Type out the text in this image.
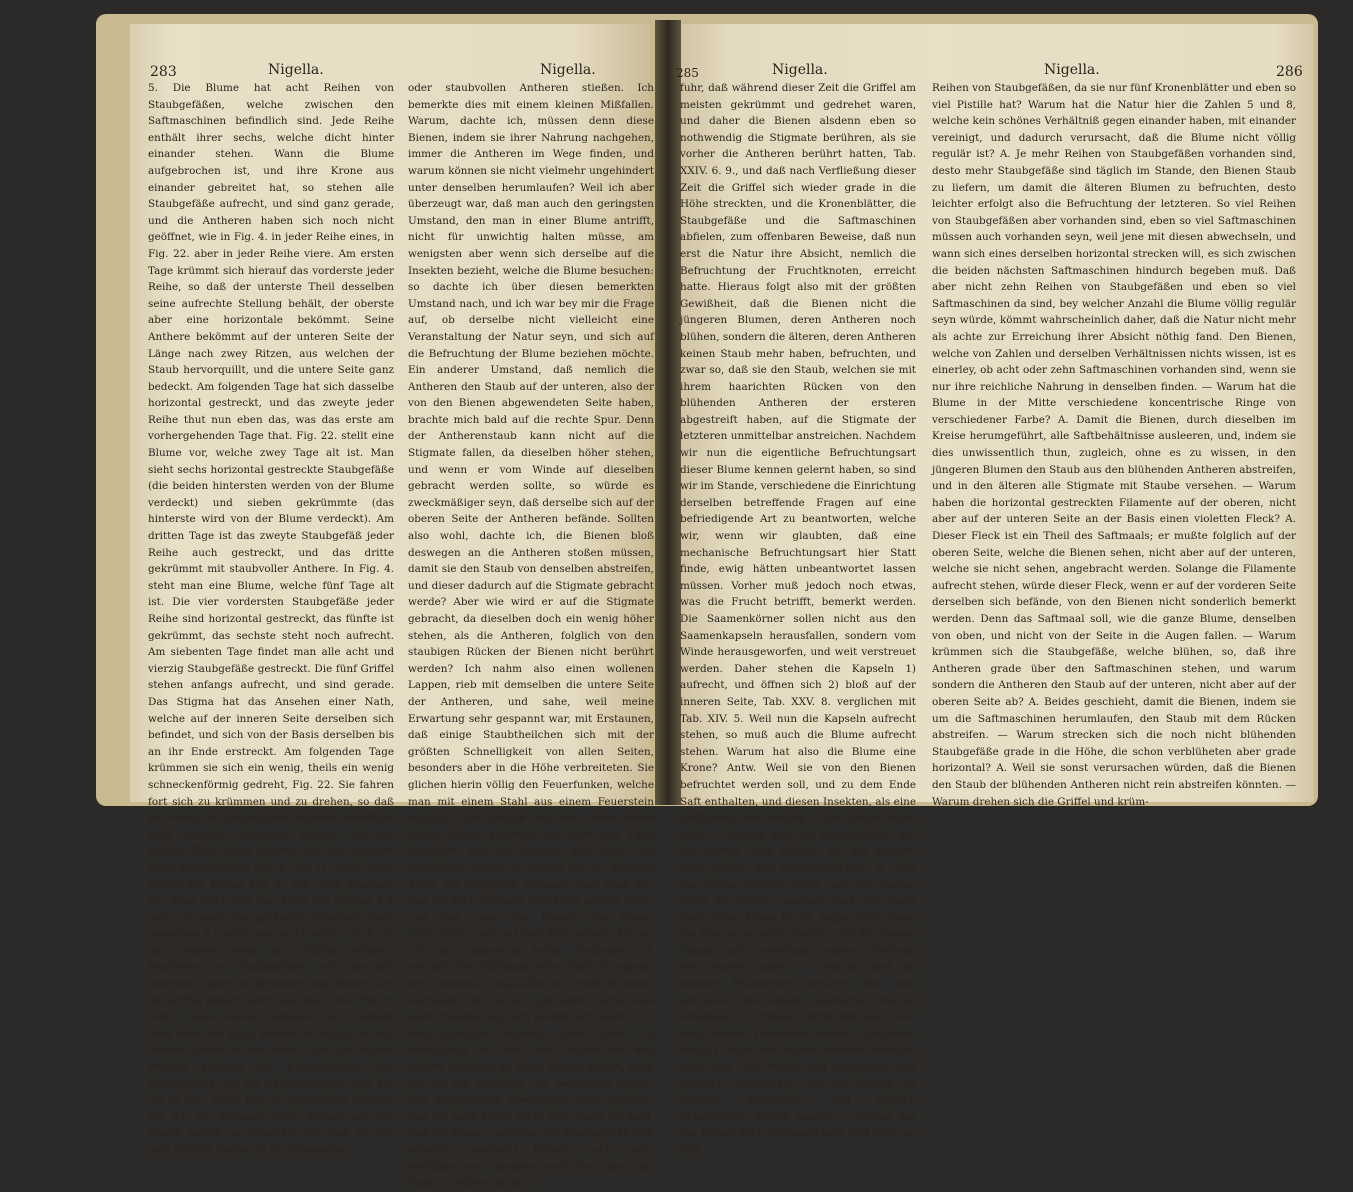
283	Nigella.	Nigella.

5. Die Blume hat acht Reihen von Staubgefäßen, welche zwischen den Saftmaschinen befindlich sind. Jede Reihe enthält ihrer sechs, welche dicht hinter einander stehen. Wann die Blume aufgebrochen ist, und ihre Krone aus einander gebreitet hat, so stehen alle Staubgefäße aufrecht, und sind ganz gerade, und die Antheren haben sich noch nicht geöffnet, wie in Fig. 4. in jeder Reihe eines, in Fig. 22. aber in jeder Reihe viere. Am ersten Tage krümmt sich hierauf das vorderste jeder Reihe, so daß der unterste Theil desselben seine aufrechte Stellung behält, der oberste aber eine horizontale bekömmt. Seine Anthere bekömmt auf der unteren Seite der Länge nach zwey Ritzen, aus welchen der Staub hervorquillt, und die untere Seite ganz bedeckt. Am folgenden Tage hat sich dasselbe horizontal gestreckt, und das zweyte jeder Reihe thut nun eben das, was das erste am vorhergehenden Tage that. Fig. 22. stellt eine Blume vor, welche zwey Tage alt ist. Man sieht sechs horizontal gestreckte Staubgefäße (die beiden hintersten werden von der Blume verdeckt) und sieben gekrümmte (das hinterste wird von der Blume verdeckt). Am dritten Tage ist das zweyte Staubgefäß jeder Reihe auch gestreckt, und das dritte gekrümmt mit staubvoller Anthere. In Fig. 4. steht man eine Blume, welche fünf Tage alt ist. Die vier vordersten Staubgefäße jeder Reihe sind horizontal gestreckt, das fünfte ist gekrümmt, das sechste steht noch aufrecht. Am siebenten Tage findet man alle acht und vierzig Staubgefäße gestreckt. Die fünf Griffel stehen anfangs aufrecht, und sind gerade. Das Stigma hat das Ansehen einer Nath, welche auf der inneren Seite derselben sich befindet, und sich von der Basis derselben bis an ihr Ende erstreckt. Am folgenden Tage krümmen sie sich ein wenig, theils ein wenig schneckenförmig gedreht, Fig. 22. Sie fahren fort sich zu krümmen und zu drehen, so daß sie, wann die Staubgefäße beynahe verblühet sind, ungefähr horizontal stehen, und der größte Theil ihres Stigma auf der unteren Seite befindlich ist, Fig. 4. Fig. 11. stellt einen Griffel der Blume Fig. 4. von oben gesehen, vor. Man sieht hier den Theil des Stigma a b und c d, aber den größeren mittelsten Theil desselben b c sieht man nicht, weil er sich auf der unteren Seite des Griffels befindet. Nachdem die Staubgefäße sich sämtlich gestreckt haben, so krümmen und drehen sich die Griffel immer mehr, wie Tab. XXIV. Fig. 9. zeigt. Diese Gestalt behalten sie ungefähr drey oder vier Tage. Hierauf strecken sie sich wieder grade in die Höhe, und die Blume verliert alsdann die Kronenblätter, die Staubgefäße und die Saftmaschinen, und hat die in Tab. XXIV. Fig. 5. abgebildete Gestalt. Als ich im Sommer 1789 Bienen auf der Blume antraf, so bemerkte ich, daß sie mit dem Rücken immer an die blühenden

oder staubvollen Antheren stießen. Ich bemerkte dies mit einem kleinen Mißfallen. Warum, dachte ich, müssen denn diese Bienen, indem sie ihrer Nahrung nachgehen, immer die Antheren im Wege finden, und warum können sie nicht vielmehr ungehindert unter denselben herumlaufen? Weil ich aber überzeugt war, daß man auch den geringsten Umstand, den man in einer Blume antrifft, nicht für unwichtig halten müsse, am wenigsten aber wenn sich derselbe auf die Insekten bezieht, welche die Blume besuchen: so dachte ich über diesen bemerkten Umstand nach, und ich war bey mir die Frage auf, ob derselbe nicht vielleicht eine Veranstaltung der Natur seyn, und sich auf die Befruchtung der Blume beziehen möchte. Ein anderer Umstand, daß nemlich die Antheren den Staub auf der unteren, also der von den Bienen abgewendeten Seite haben, brachte mich bald auf die rechte Spur. Denn der Antherenstaub kann nicht auf die Stigmate fallen, da dieselben höher stehen, und wenn er vom Winde auf dieselben gebracht werden sollte, so würde es zweckmäßiger seyn, daß derselbe sich auf der oberen Seite der Antheren befände. Sollten also wohl, dachte ich, die Bienen bloß deswegen an die Antheren stoßen müssen, damit sie den Staub von denselben abstreifen, und dieser dadurch auf die Stigmate gebracht werde? Aber wie wird er auf die Stigmate gebracht, da dieselben doch ein wenig höher stehen, als die Antheren, folglich von den staubigen Rücken der Bienen nicht berührt werden? Ich nahm also einen wollenen Lappen, rieb mit demselben die untere Seite der Antheren, und sahe, weil meine Erwartung sehr gespannt war, mit Erstaunen, daß einige Staubtheilchen sich mit der größten Schnelligkeit von allen Seiten, besonders aber in die Höhe verbreiteten. Sie glichen hierin völlig den Feuerfunken, welche man mit einem Stahl aus einem Feuerstein schlägt. Nun dachte ich also, eine Biene dieser Staub abstreift, so fährt ein Theil desselben auf das Stigma, und bleibt auf demselben sitzen. So schloß ich im Sommer 1789. Im folgenden Sommer aber fand ich, daß ich mich dennoch zum Theil geirret hatte, und daß zwar die Bienen die Blume befruchten, aber auf eine ganz andere Art, als ich mir vorgestellt hatte. Nachdem ich nemlich die dichogamische Befruchtungsart des Epilobium angustifolium entdeckt hatte, nachdem ich hierauf gefunden hatte, daß eben dieselbe bey dem Delphinium Aiacis und dem Aconitum Napellus Statt findet: so vermuthete ich, daß, weil Nigella mit den beiden letzteren zu Einer Klasse gehört, auch sie auf die nemliche Art befruchtet werde. Der Augenschein überzeugte mich sogleich, daß ich mich hierin nicht irre. Denn ich fand, daß die Blume, nachdem die Staubgefäße sich sämtlich gestreckt hatten, noch nicht verblühet war, sondern noch drey oder vier Tage zu blühen fortfuhr

285	Nigella.	Nigella.	286

fuhr, daß während dieser Zeit die Griffel am meisten gekrümmt und gedrehet waren, und daher die Bienen alsdenn eben so nothwendig die Stigmate berühren, als sie vorher die Antheren berührt hatten, Tab. XXIV. 6. 9., und daß nach Verfließung dieser Zeit die Griffel sich wieder grade in die Höhe streckten, und die Kronenblätter, die Staubgefäße und die Saftmaschinen abfielen, zum offenbaren Beweise, daß nun erst die Natur ihre Absicht, nemlich die Befruchtung der Fruchtknoten, erreicht hatte. Hieraus folgt also mit der größten Gewißheit, daß die Bienen nicht die jüngeren Blumen, deren Antheren noch blühen, sondern die älteren, deren Antheren keinen Staub mehr haben, befruchten, und zwar so, daß sie den Staub, welchen sie mit ihrem haarichten Rücken von den blühenden Antheren der ersteren abgestreift haben, auf die Stigmate der letzteren unmittelbar anstreichen. Nachdem wir nun die eigentliche Befruchtungsart dieser Blume kennen gelernt haben, so sind wir im Stande, verschiedene die Einrichtung derselben betreffende Fragen auf eine befriedigende Art zu beantworten, welche wir, wenn wir glaubten, daß eine mechanische Befruchtungsart hier Statt finde, ewig hätten unbeantwortet lassen müssen. Vorher muß jedoch noch etwas, was die Frucht betrifft, bemerkt werden. Die Saamenkörner sollen nicht aus den Saamenkapseln herausfallen, sondern vom Winde herausgeworfen, und weit verstreuet werden. Daher stehen die Kapseln 1) aufrecht, und öffnen sich 2) bloß auf der inneren Seite, Tab. XXV. 8. verglichen mit Tab. XIV. 5. Weil nun die Kapseln aufrecht stehen, so muß auch die Blume aufrecht stehen. Warum hat also die Blume eine Krone? Antw. Weil sie von den Bienen befruchtet werden soll, und zu dem Ende Saft enthalten, und diesen Insekten, als eine Saftblume, von weitem in die Augen fallen muß. — Warum sind die Kronenblätter auf der oberen Seite gefärbt, auf der unteren aber grüner und unansehnlicher? A. Weil die Blume aufrecht steht, und den Bienen nicht die untere, sondern bloß die obere Seite ihrer Krone in die Augen fällt. Denn die Pflanze ist sehr niedrig, und die Bienen fliegen nicht unterhalb, sondern oberhalb der Blumen umher. — Warum sind die kleinen Büchschen, welche den Saft enthalten, mit einem elastischen Deckel versehen? A. Erstens, damit der Saft nicht vom Regen verdorben werde. Zweytens, damit Fliegen und andere unedlere Insekten nicht den Saft finden und verzehren, und dadurch verursachen, daß die Bienen die Blumen unbesucht, und folglich unbefruchtet stehen lassen. — Warum hat die Blume acht Saftmaschinen und eben so viel

Reihen von Staubgefäßen, da sie nur fünf Kronenblätter und eben so viel Pistille hat? Warum hat die Natur hier die Zahlen 5 und 8, welche kein schönes Verhältniß gegen einander haben, mit einander vereinigt, und dadurch verursacht, daß die Blume nicht völlig regulär ist? A. Je mehr Reihen von Staubgefäßen vorhanden sind, desto mehr Staubgefäße sind täglich im Stande, den Bienen Staub zu liefern, um damit die älteren Blumen zu befruchten, desto leichter erfolgt also die Befruchtung der letzteren. So viel Reihen von Staubgefäßen aber vorhanden sind, eben so viel Saftmaschinen müssen auch vorhanden seyn, weil jene mit diesen abwechseln, und wann sich eines derselben horizontal strecken will, es sich zwischen die beiden nächsten Saftmaschinen hindurch begeben muß. Daß aber nicht zehn Reihen von Staubgefäßen und eben so viel Saftmaschinen da sind, bey welcher Anzahl die Blume völlig regulär seyn würde, kömmt wahrscheinlich daher, daß die Natur nicht mehr als achte zur Erreichung ihrer Absicht nöthig fand. Den Bienen, welche von Zahlen und derselben Verhältnissen nichts wissen, ist es einerley, ob acht oder zehn Saftmaschinen vorhanden sind, wenn sie nur ihre reichliche Nahrung in denselben finden. — Warum hat die Blume in der Mitte verschiedene koncentrische Ringe von verschiedener Farbe? A. Damit die Bienen, durch dieselben im Kreise herumgeführt, alle Saftbehältnisse ausleeren, und, indem sie dies unwissentlich thun, zugleich, ohne es zu wissen, in den jüngeren Blumen den Staub aus den blühenden Antheren abstreifen, und in den älteren alle Stigmate mit Staube versehen. — Warum haben die horizontal gestreckten Filamente auf der oberen, nicht aber auf der unteren Seite an der Basis einen violetten Fleck? A. Dieser Fleck ist ein Theil des Saftmaals; er mußte folglich auf der oberen Seite, welche die Bienen sehen, nicht aber auf der unteren, welche sie nicht sehen, angebracht werden. Solange die Filamente aufrecht stehen, würde dieser Fleck, wenn er auf der vorderen Seite derselben sich befände, von den Bienen nicht sonderlich bemerkt werden. Denn das Saftmaal soll, wie die ganze Blume, denselben von oben, und nicht von der Seite in die Augen fallen. — Warum krümmen sich die Staubgefäße, welche blühen, so, daß ihre Antheren grade über den Saftmaschinen stehen, und warum sondern die Antheren den Staub auf der unteren, nicht aber auf der oberen Seite ab? A. Beides geschieht, damit die Bienen, indem sie um die Saftmaschinen herumlaufen, den Staub mit dem Rücken abstreifen. — Warum strecken sich die noch nicht blühenden Staubgefäße grade in die Höhe, die schon verblüheten aber grade horizontal? A. Weil sie sonst verursachen würden, daß die Bienen den Staub der blühenden Antheren nicht rein abstreifen könnten. — Warum drehen sich die Griffel und krüm-
